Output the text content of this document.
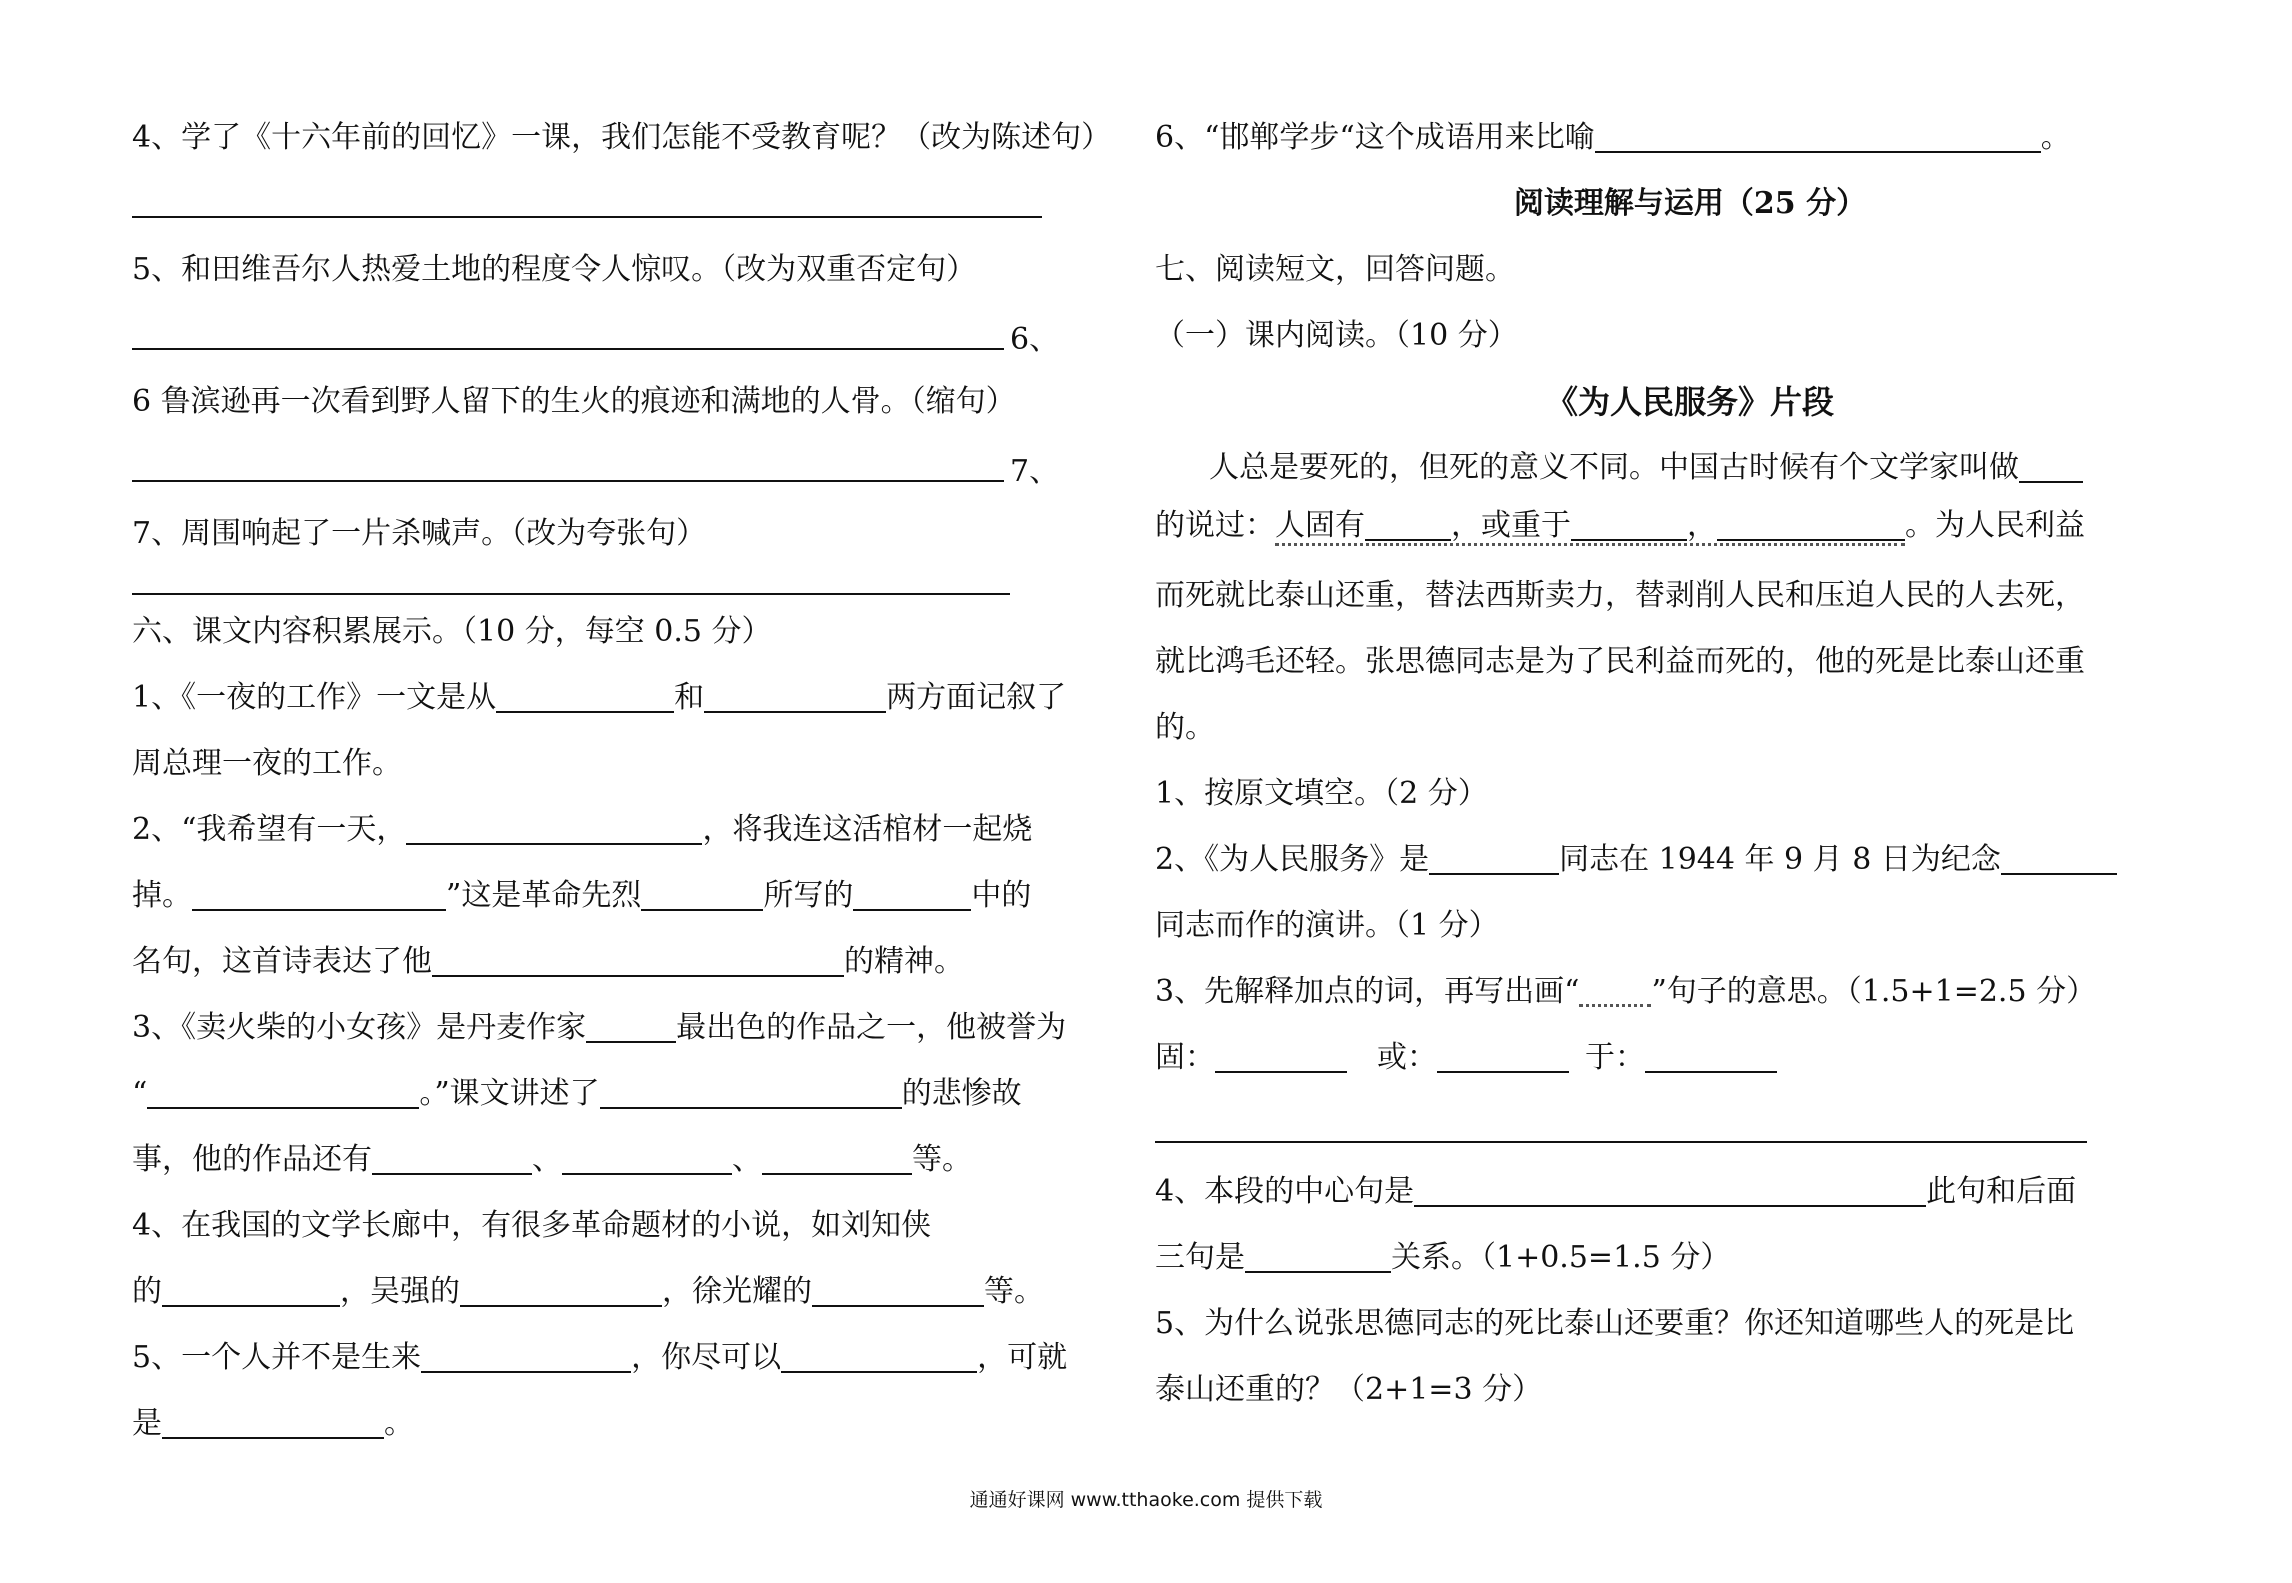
4、学了《十六年前的回忆》一课，我们怎能不受教育呢？（改为陈述句）
5、和田维吾尔人热爱土地的程度令人惊叹。（改为双重否定句）
6、
6 鲁滨逊再一次看到野人留下的生火的痕迹和满地的人骨。（缩句）
7、
7、周围响起了一片杀喊声。（改为夸张句）
六、课文内容积累展示。（10 分，每空 0.5 分）
1、《一夜的工作》一文是从	和	两方面记叙了
周总理一夜的工作。
2、“我希望有一天，	，将我连这活棺材一起烧
掉。	”这是革命先烈	所写的	中的
名句，这首诗表达了他	的精神。
3、《卖火柴的小女孩》是丹麦作家	最出色的作品之一，他被誉为
“	。”课文讲述了	的悲惨故
事，他的作品还有	、	、	等。
4、在我国的文学长廊中，有很多革命题材的小说，如刘知侠
的	，吴强的	，徐光耀的	等。
5、一个人并不是生来	，你尽可以	，可就
是	。
6、“邯郸学步“这个成语用来比喻	。
阅读理解与运用（25 分）
七、阅读短文，回答问题。
（一）课内阅读。（10 分）
《为人民服务》片段
人总是要死的，但死的意义不同。中国古时候有个文学家叫做
的说过：人固有	，或重于	，	。为人民利益
而死就比泰山还重，替法西斯卖力，替剥削人民和压迫人民的人去死，
就比鸿毛还轻。张思德同志是为了民利益而死的，他的死是比泰山还重
的。
1、按原文填空。（2 分）
2、《为人民服务》是	同志在 1944 年 9 月 8 日为纪念
同志而作的演讲。（1 分）
3、先解释加点的词，再写出画“ ”句子的意思。（1.5+1=2.5 分）
固：	或：	于：
4、本段的中心句是	此句和后面
三句是	关系。（1+0.5=1.5 分）
5、为什么说张思德同志的死比泰山还要重？你还知道哪些人的死是比
泰山还重的？（2+1=3 分）
通通好课网 www.tthaoke.com 提供下载
